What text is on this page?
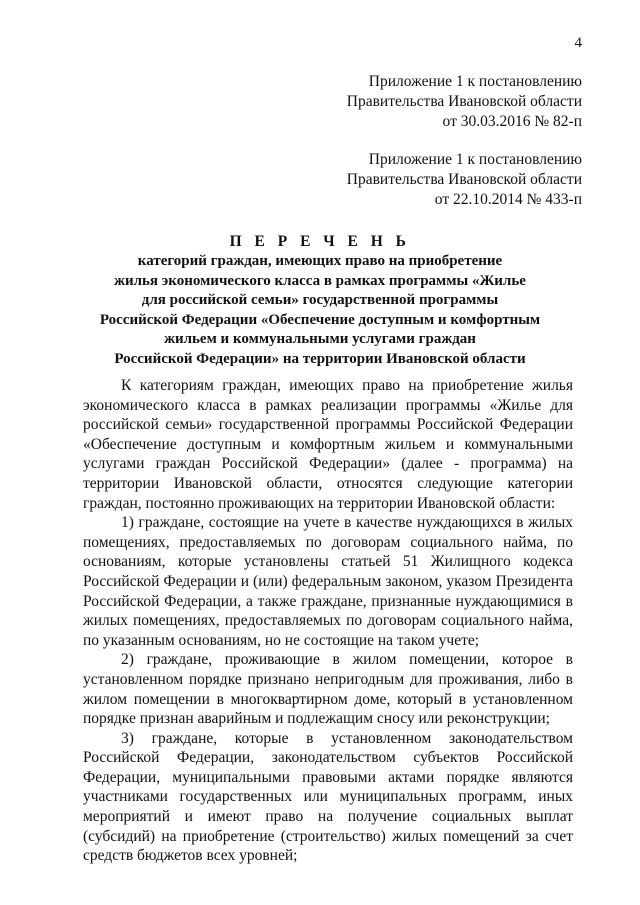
4
Приложение 1 к постановлению
Правительства Ивановской области
от 30.03.2016 № 82-п
Приложение 1 к постановлению
Правительства Ивановской области
от 22.10.2014 № 433-п
П Е Р Е Ч Е Н Ь
категорий граждан, имеющих право на приобретение
жилья экономического класса в рамках программы «Жилье
для российской семьи» государственной программы
Российской Федерации «Обеспечение доступным и комфортным
жильем и коммунальными услугами граждан
Российской Федерации» на территории Ивановской области

К категориям граждан, имеющих право на приобретение жилья экономического класса в рамках реализации программы «Жилье для российской семьи» государственной программы Российской Федерации «Обеспечение доступным и комфортным жильем и коммунальными услугами граждан Российской Федерации» (далее - программа) на территории Ивановской области, относятся следующие категории граждан, постоянно проживающих на территории Ивановской области:

1) граждане, состоящие на учете в качестве нуждающихся в жилых помещениях, предоставляемых по договорам социального найма, по основаниям, которые установлены статьей 51 Жилищного кодекса Российской Федерации и (или) федеральным законом, указом Президента Российской Федерации, а также граждане, признанные нуждающимися в жилых помещениях, предоставляемых по договорам социального найма, по указанным основаниям, но не состоящие на таком учете;

2) граждане, проживающие в жилом помещении, которое в установленном порядке признано непригодным для проживания, либо в жилом помещении в многоквартирном доме, который в установленном порядке признан аварийным и подлежащим сносу или реконструкции;

3) граждане, которые в установленном законодательством Российской Федерации, законодательством субъектов Российской Федерации, муниципальными правовыми актами порядке являются участниками государственных или муниципальных программ, иных мероприятий и имеют право на получение социальных выплат (субсидий) на приобретение (строительство) жилых помещений за счет средств бюджетов всех уровней;
